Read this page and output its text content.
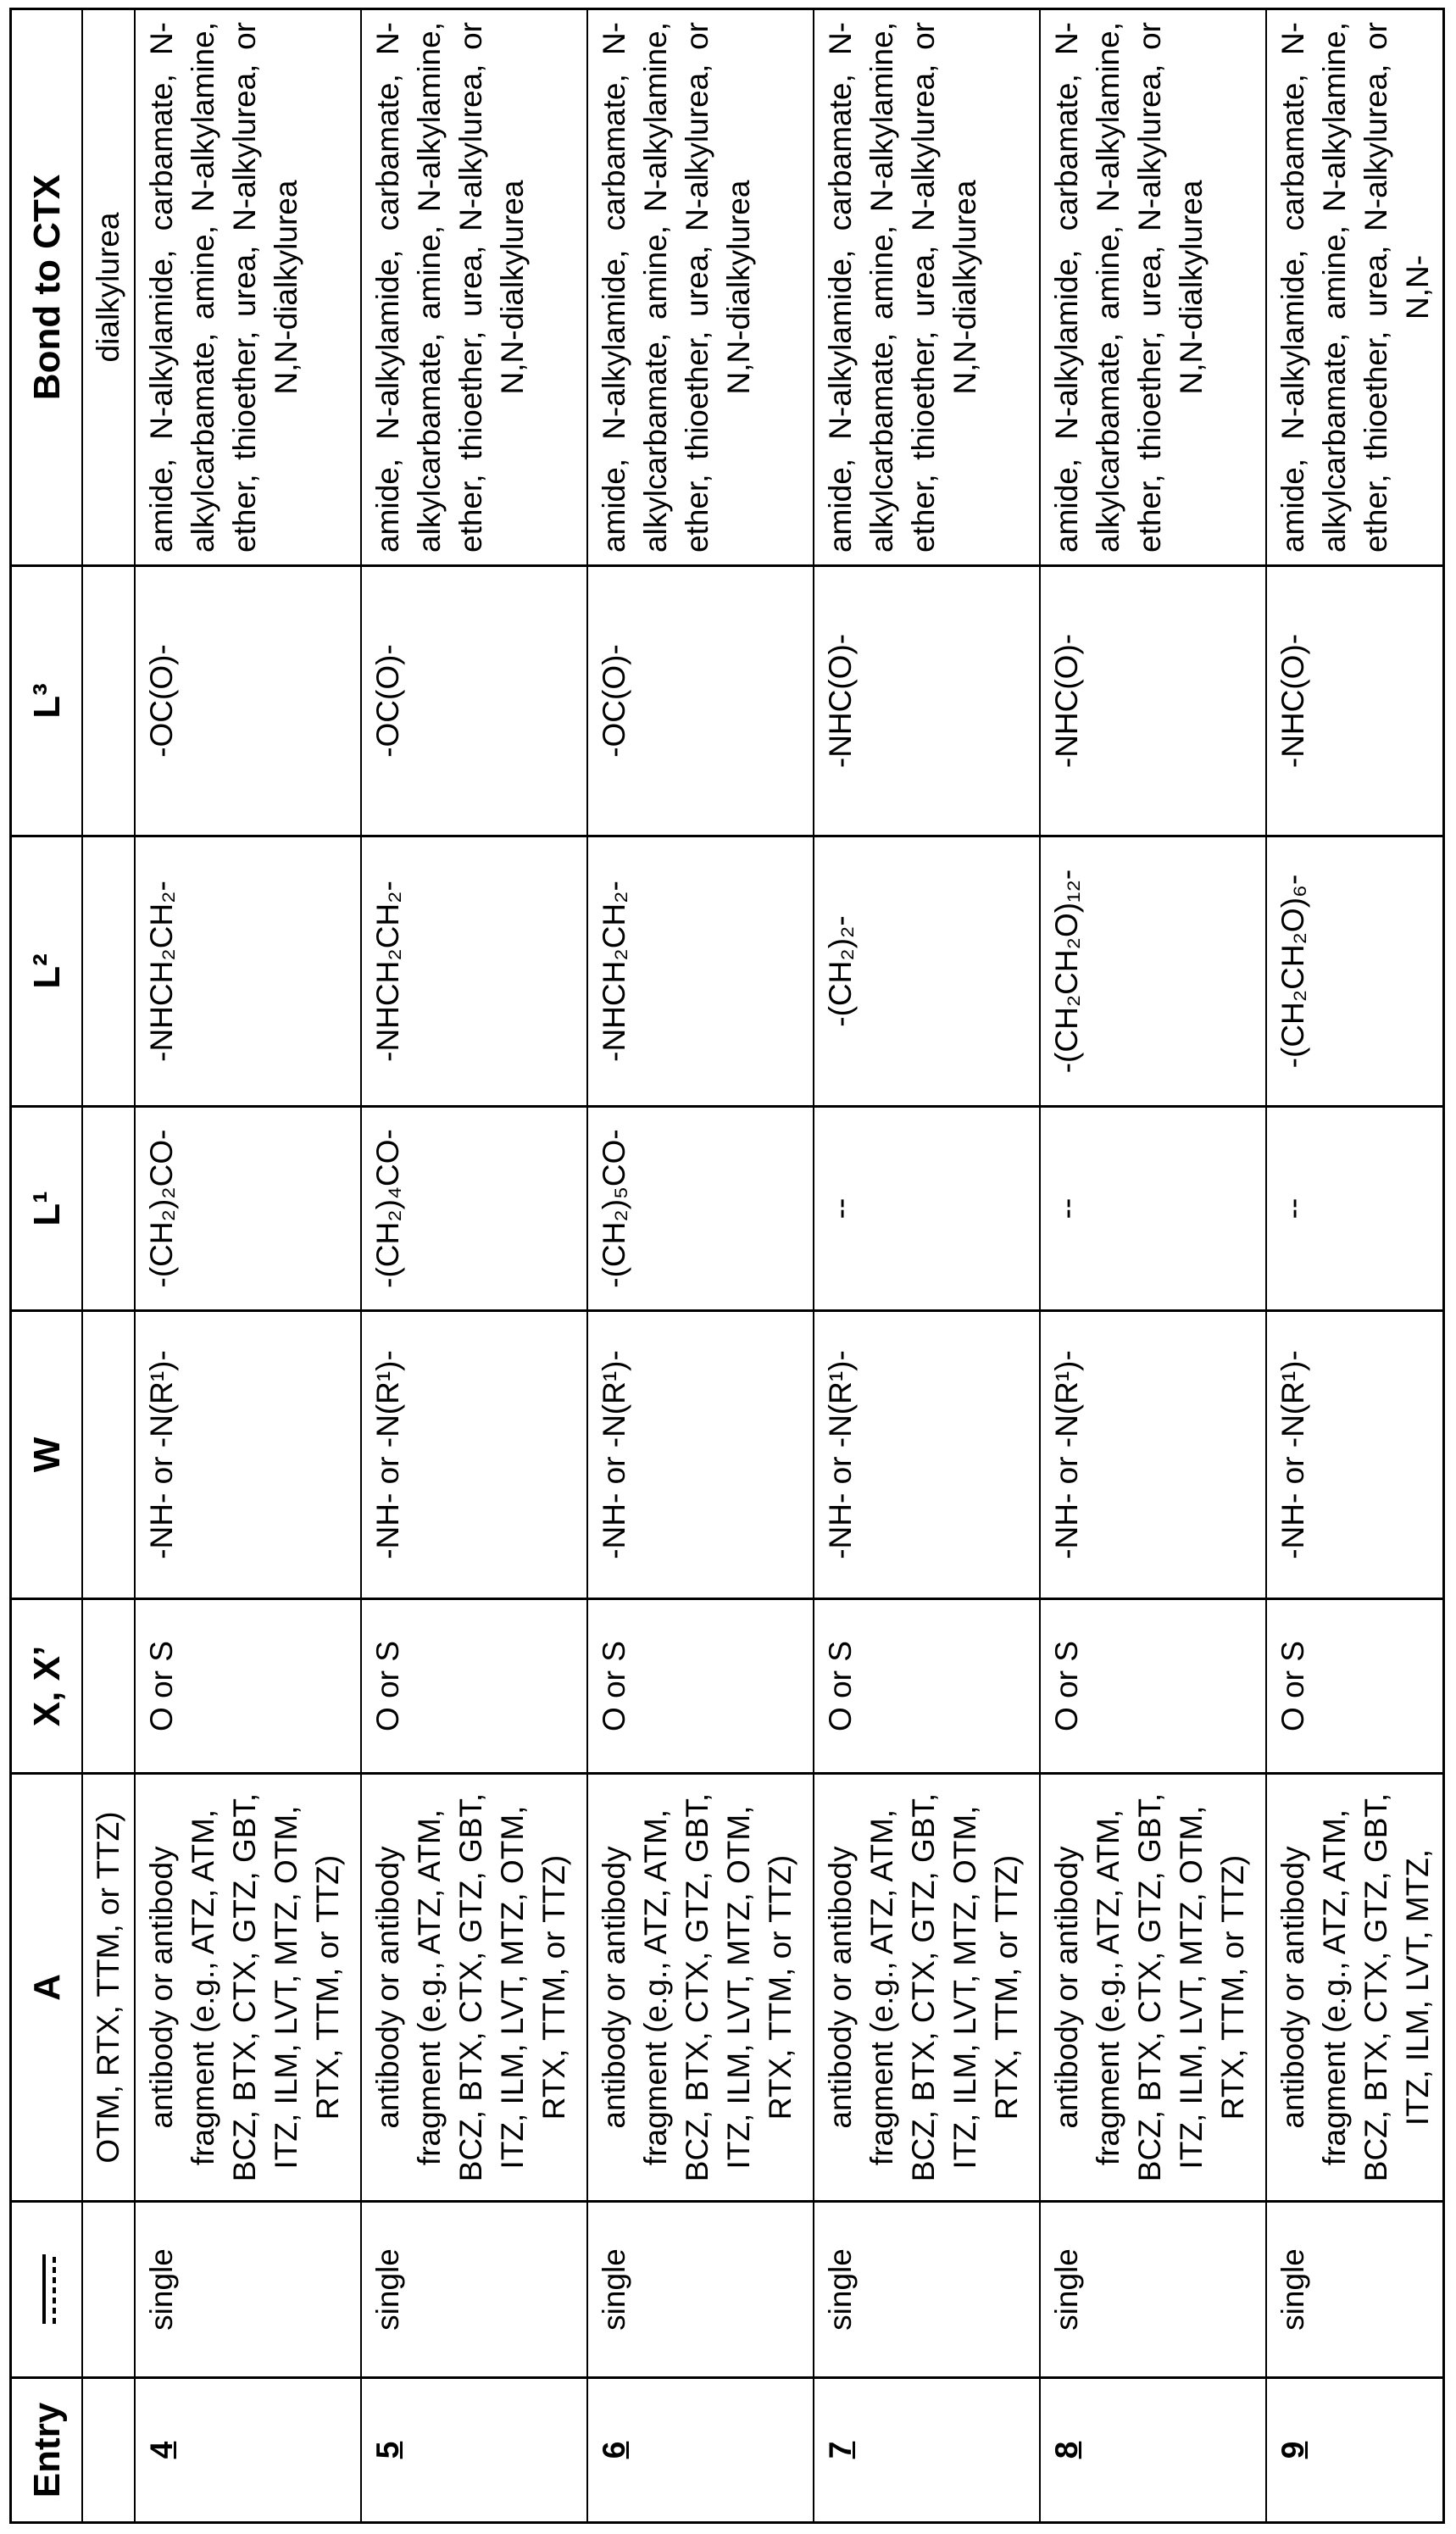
Entry		A	X, X’	W	L¹	L²	L³	Bond to CTX
		OTM, RTX, TTM, or TTZ)						dialkylurea
4	single	antibody or antibody fragment (e.g., ATZ, ATM, BCZ, BTX, CTX, GTZ, GBT, ITZ, ILM, LVT, MTZ, OTM, RTX, TTM, or TTZ)	O or S	-NH- or -N(R¹)-	-(CH₂)₂CO-	-NHCH₂CH₂-	-OC(O)-	amide, N-alkylamide, carbamate, N-alkylcarbamate, amine, N-alkylamine, ether, thioether, urea, N-alkylurea, or N,N-dialkylurea
5	single	antibody or antibody fragment (e.g., ATZ, ATM, BCZ, BTX, CTX, GTZ, GBT, ITZ, ILM, LVT, MTZ, OTM, RTX, TTM, or TTZ)	O or S	-NH- or -N(R¹)-	-(CH₂)₄CO-	-NHCH₂CH₂-	-OC(O)-	amide, N-alkylamide, carbamate, N-alkylcarbamate, amine, N-alkylamine, ether, thioether, urea, N-alkylurea, or N,N-dialkylurea
6	single	antibody or antibody fragment (e.g., ATZ, ATM, BCZ, BTX, CTX, GTZ, GBT, ITZ, ILM, LVT, MTZ, OTM, RTX, TTM, or TTZ)	O or S	-NH- or -N(R¹)-	-(CH₂)₅CO-	-NHCH₂CH₂-	-OC(O)-	amide, N-alkylamide, carbamate, N-alkylcarbamate, amine, N-alkylamine, ether, thioether, urea, N-alkylurea, or N,N-dialkylurea
7	single	antibody or antibody fragment (e.g., ATZ, ATM, BCZ, BTX, CTX, GTZ, GBT, ITZ, ILM, LVT, MTZ, OTM, RTX, TTM, or TTZ)	O or S	-NH- or -N(R¹)-	--	-(CH₂)₂-	-NHC(O)-	amide, N-alkylamide, carbamate, N-alkylcarbamate, amine, N-alkylamine, ether, thioether, urea, N-alkylurea, or N,N-dialkylurea
8	single	antibody or antibody fragment (e.g., ATZ, ATM, BCZ, BTX, CTX, GTZ, GBT, ITZ, ILM, LVT, MTZ, OTM, RTX, TTM, or TTZ)	O or S	-NH- or -N(R¹)-	--	-(CH₂CH₂O)₁₂-	-NHC(O)-	amide, N-alkylamide, carbamate, N-alkylcarbamate, amine, N-alkylamine, ether, thioether, urea, N-alkylurea, or N,N-dialkylurea
9	single	antibody or antibody fragment (e.g., ATZ, ATM, BCZ, BTX, CTX, GTZ, GBT, ITZ, ILM, LVT, MTZ,	O or S	-NH- or -N(R¹)-	--	-(CH₂CH₂O)₆-	-NHC(O)-	amide, N-alkylamide, carbamate, N-alkylcarbamate, amine, N-alkylamine, ether, thioether, urea, N-alkylurea, or N,N-
